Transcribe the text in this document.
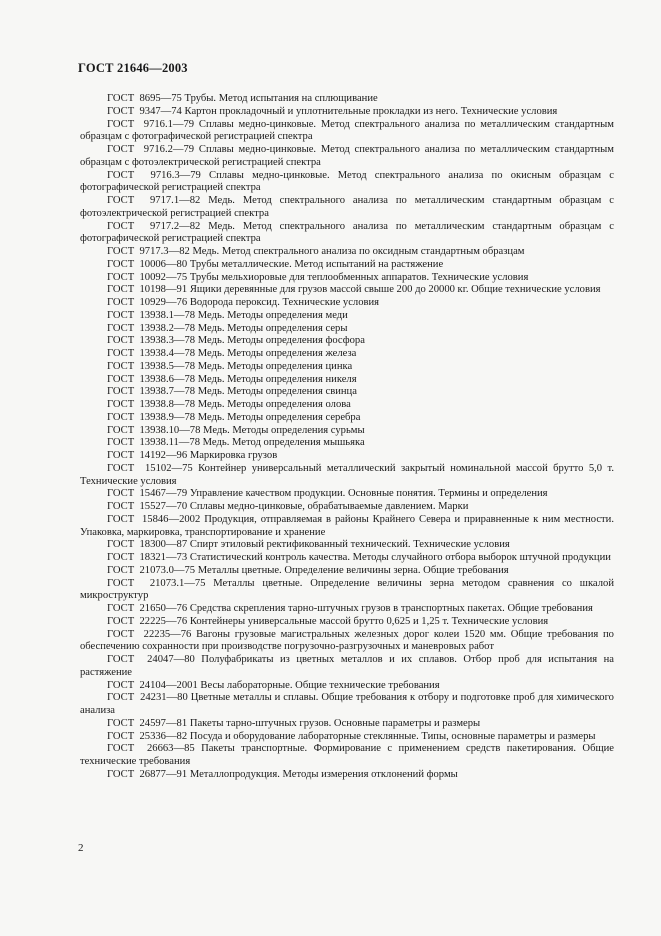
ГОСТ 21646—2003

ГОСТ  8695—75 Трубы. Метод испытания на сплющивание

ГОСТ  9347—74 Картон прокладочный и уплотнительные прокладки из него. Технические условия

ГОСТ  9716.1—79 Сплавы медно-цинковые. Метод спектрального анализа по металлическим стандартным образцам с фотографической регистрацией спектра

ГОСТ  9716.2—79 Сплавы медно-цинковые. Метод спектрального анализа по металлическим стандартным образцам с фотоэлектрической регистрацией спектра

ГОСТ  9716.3—79 Сплавы медно-цинковые. Метод спектрального анализа по окисным образцам с фотографической регистрацией спектра

ГОСТ  9717.1—82 Медь. Метод спектрального анализа по металлическим стандартным образцам с фотоэлектрической регистрацией спектра

ГОСТ  9717.2—82 Медь. Метод спектрального анализа по металлическим стандартным образцам с фотографической регистрацией спектра

ГОСТ  9717.3—82 Медь. Метод спектрального анализа по оксидным стандартным образцам

ГОСТ  10006—80 Трубы металлические. Метод испытаний на растяжение

ГОСТ  10092—75 Трубы мельхиоровые для теплообменных аппаратов. Технические условия

ГОСТ  10198—91 Ящики деревянные для грузов массой свыше 200 до 20000 кг. Общие технические условия

ГОСТ  10929—76 Водорода пероксид. Технические условия

ГОСТ  13938.1—78 Медь. Методы определения меди

ГОСТ  13938.2—78 Медь. Методы определения серы

ГОСТ  13938.3—78 Медь. Методы определения фосфора

ГОСТ  13938.4—78 Медь. Методы определения железа

ГОСТ  13938.5—78 Медь. Методы определения цинка

ГОСТ  13938.6—78 Медь. Методы определения никеля

ГОСТ  13938.7—78 Медь. Методы определения свинца

ГОСТ  13938.8—78 Медь. Методы определения олова

ГОСТ  13938.9—78 Медь. Методы определения серебра

ГОСТ  13938.10—78 Медь. Методы определения сурьмы

ГОСТ  13938.11—78 Медь. Метод определения мышьяка

ГОСТ  14192—96 Маркировка грузов

ГОСТ  15102—75 Контейнер универсальный металлический закрытый номинальной массой брутто 5,0 т. Технические условия

ГОСТ  15467—79 Управление качеством продукции. Основные понятия. Термины и определения

ГОСТ  15527—70 Сплавы медно-цинковые, обрабатываемые давлением. Марки

ГОСТ  15846—2002 Продукция, отправляемая в районы Крайнего Севера и приравненные к ним местности. Упаковка, маркировка, транспортирование и хранение

ГОСТ  18300—87 Спирт этиловый ректификованный технический. Технические условия

ГОСТ  18321—73 Статистический контроль качества. Методы случайного отбора выборок штучной продукции

ГОСТ  21073.0—75 Металлы цветные. Определение величины зерна. Общие требования

ГОСТ  21073.1—75 Металлы цветные. Определение величины зерна методом сравнения со шкалой микроструктур

ГОСТ  21650—76 Средства скрепления тарно-штучных грузов в транспортных пакетах. Общие требования

ГОСТ  22225—76 Контейнеры универсальные массой брутто 0,625 и 1,25 т. Технические условия

ГОСТ  22235—76 Вагоны грузовые магистральных железных дорог колеи 1520 мм. Общие требования по обеспечению сохранности при производстве погрузочно-разгрузочных и маневровых работ

ГОСТ  24047—80 Полуфабрикаты из цветных металлов и их сплавов. Отбор проб для испытания на растяжение

ГОСТ  24104—2001 Весы лабораторные. Общие технические требования

ГОСТ  24231—80 Цветные металлы и сплавы. Общие требования к отбору и подготовке проб для химического анализа

ГОСТ  24597—81 Пакеты тарно-штучных грузов. Основные параметры и размеры

ГОСТ  25336—82 Посуда и оборудование лабораторные стеклянные. Типы, основные параметры и размеры

ГОСТ  26663—85 Пакеты транспортные. Формирование с применением средств пакетирования. Общие технические требования

ГОСТ  26877—91 Металлопродукция. Методы измерения отклонений формы

2
